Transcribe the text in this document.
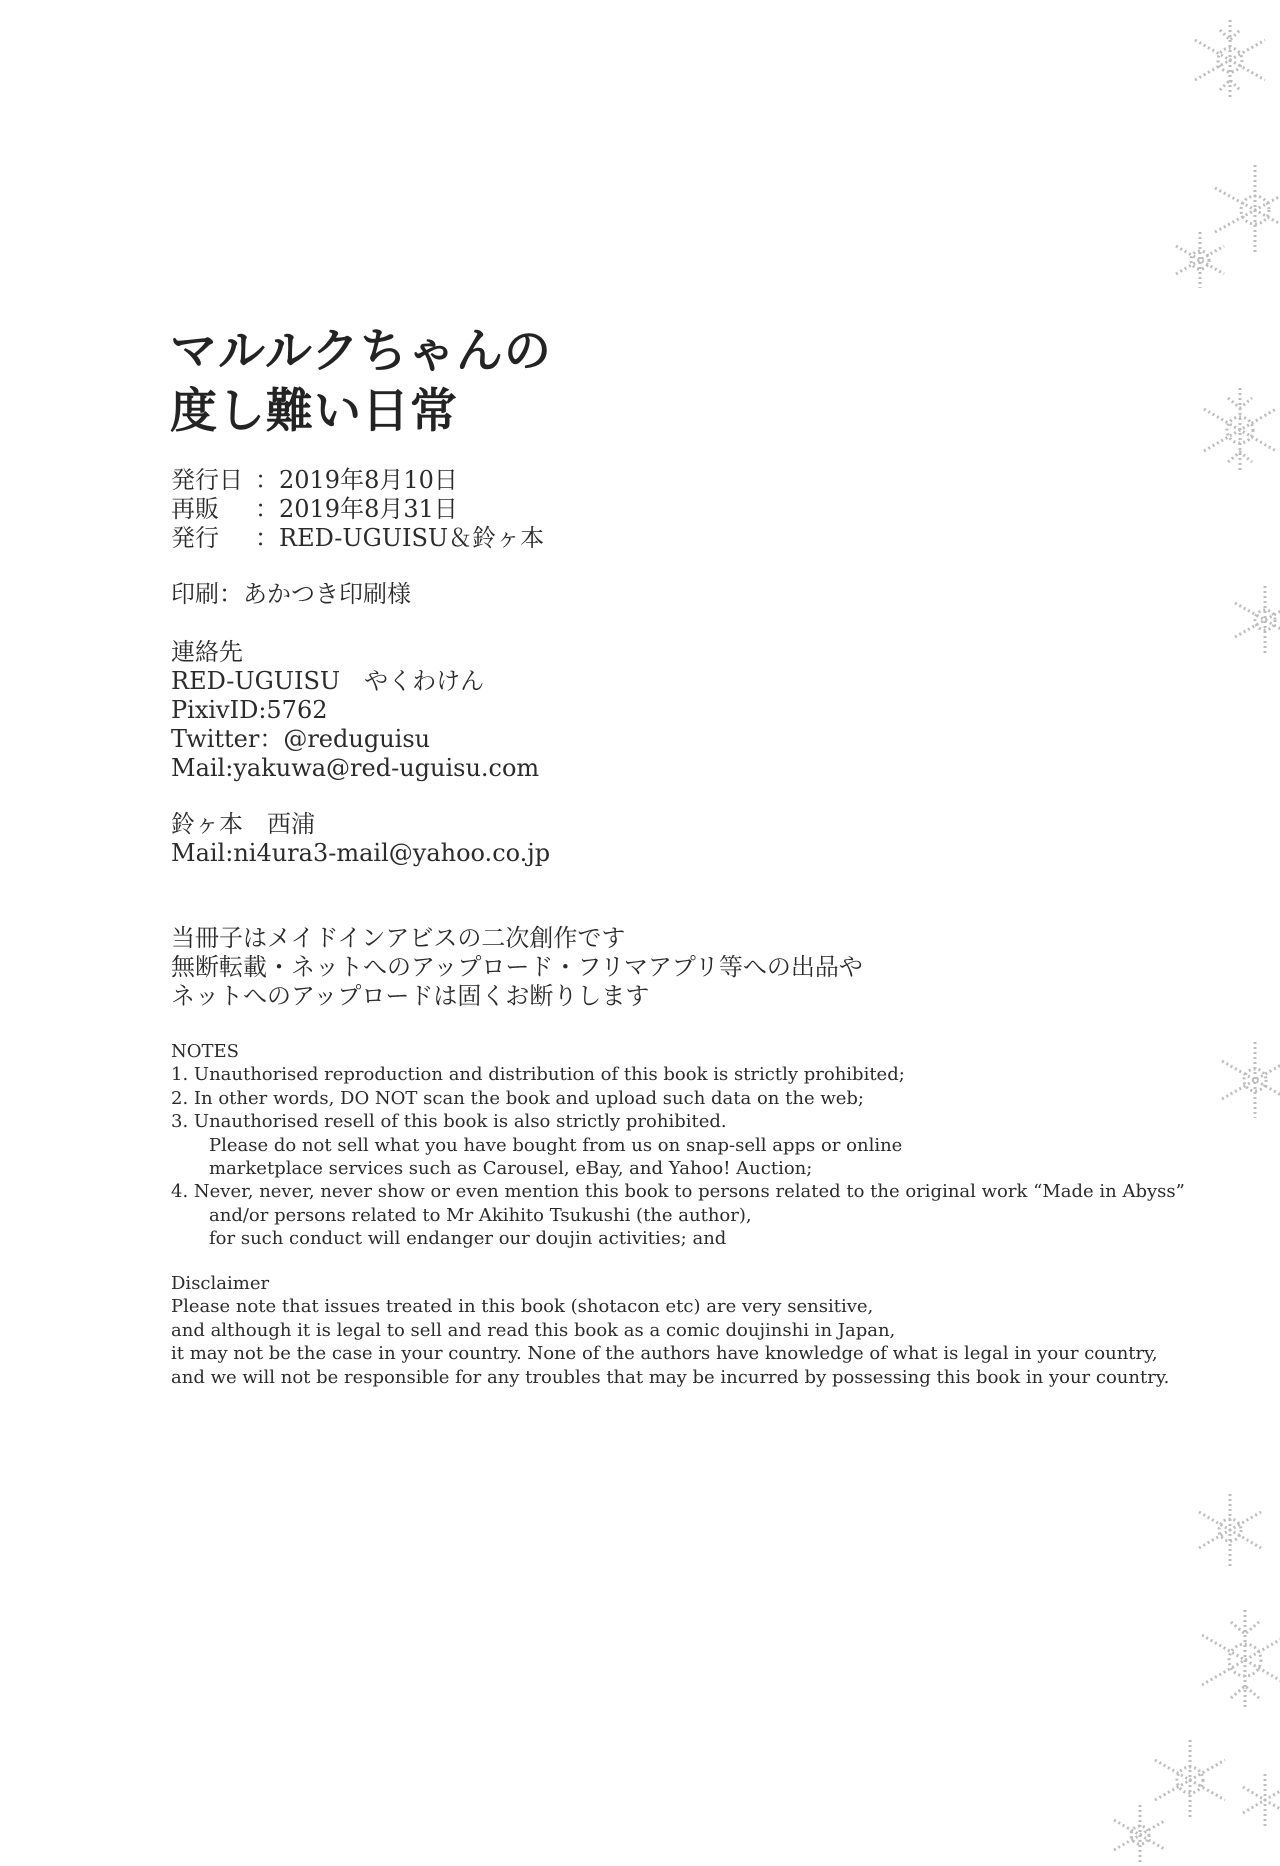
マルルクちゃんの
度し難い日常
発行日 ：2019年8月10日
再販 ：2019年8月31日
発行 ：RED-UGUISU＆鈴ヶ本
印刷：あかつき印刷様
連絡先
RED-UGUISU　やくわけん
PixivID:5762
Twitter：@reduguisu
Mail:yakuwa@red-uguisu.com
鈴ヶ本　西浦
Mail:ni4ura3-mail@yahoo.co.jp
当冊子はメイドインアビスの二次創作です
無断転載・ネットへのアップロード・フリマアプリ等への出品や
ネットへのアップロードは固くお断りします
NOTES
1. Unauthorised reproduction and distribution of this book is strictly prohibited;
2. In other words, DO NOT scan the book and upload such data on the web;
3. Unauthorised resell of this book is also strictly prohibited.
Please do not sell what you have bought from us on snap-sell apps or online
marketplace services such as Carousel, eBay, and Yahoo! Auction;
4. Never, never, never show or even mention this book to persons related to the original work “Made in Abyss”
and/or persons related to Mr Akihito Tsukushi (the author),
for such conduct will endanger our doujin activities; and
Disclaimer
Please note that issues treated in this book (shotacon etc) are very sensitive,
and although it is legal to sell and read this book as a comic doujinshi in Japan,
it may not be the case in your country. None of the authors have knowledge of what is legal in your country,
and we will not be responsible for any troubles that may be incurred by possessing this book in your country.
